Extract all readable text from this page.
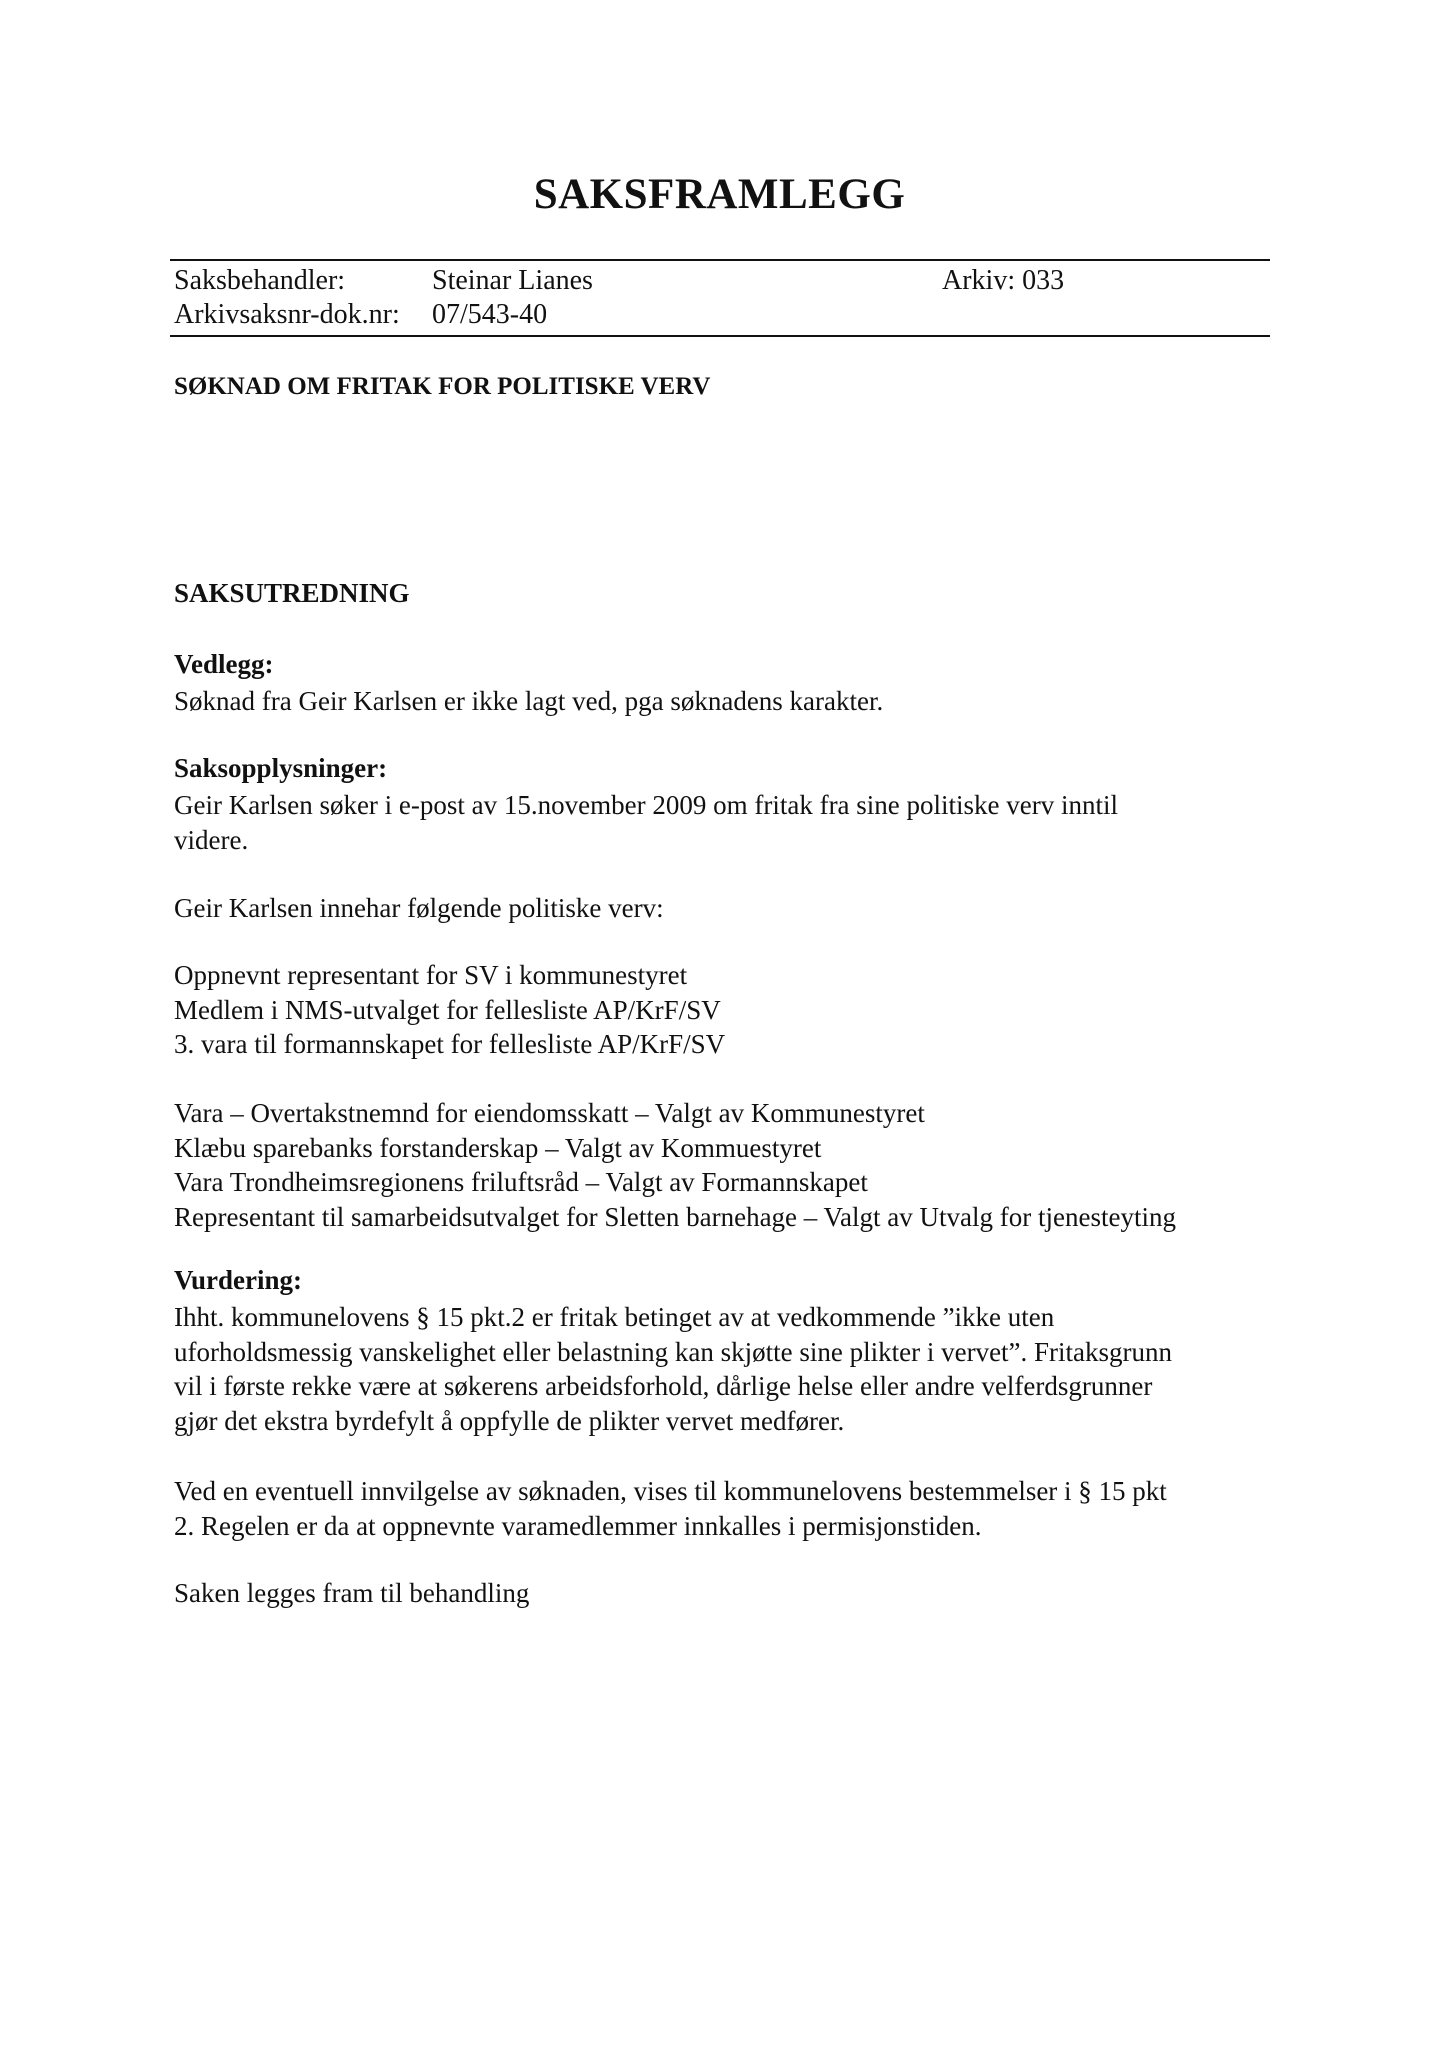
SAKSFRAMLEGG
Saksbehandler:	Steinar Lianes	Arkiv: 033
Arkivsaksnr-dok.nr: 07/543-40
SØKNAD OM FRITAK FOR POLITISKE VERV
SAKSUTREDNING
Vedlegg:
Søknad fra Geir Karlsen er ikke lagt ved, pga søknadens karakter.
Saksopplysninger:
Geir Karlsen søker i e-post av 15.november 2009 om fritak fra sine politiske verv inntil
videre.
Geir Karlsen innehar følgende politiske verv:
Oppnevnt representant for SV i kommunestyret
Medlem i NMS-utvalget for fellesliste AP/KrF/SV
3. vara til formannskapet for fellesliste AP/KrF/SV
Vara – Overtakstnemnd for eiendomsskatt – Valgt av Kommunestyret
Klæbu sparebanks forstanderskap – Valgt av Kommuestyret
Vara Trondheimsregionens friluftsråd – Valgt av Formannskapet
Representant til samarbeidsutvalget for Sletten barnehage – Valgt av Utvalg for tjenesteyting
Vurdering:
Ihht. kommunelovens § 15 pkt.2 er fritak betinget av at vedkommende ”ikke uten
uforholdsmessig vanskelighet eller belastning kan skjøtte sine plikter i vervet”. Fritaksgrunn
vil i første rekke være at søkerens arbeidsforhold, dårlige helse eller andre velferdsgrunner
gjør det ekstra byrdefylt å oppfylle de plikter vervet medfører.
Ved en eventuell innvilgelse av søknaden, vises til kommunelovens bestemmelser i § 15 pkt
2. Regelen er da at oppnevnte varamedlemmer innkalles i permisjonstiden.
Saken legges fram til behandling
